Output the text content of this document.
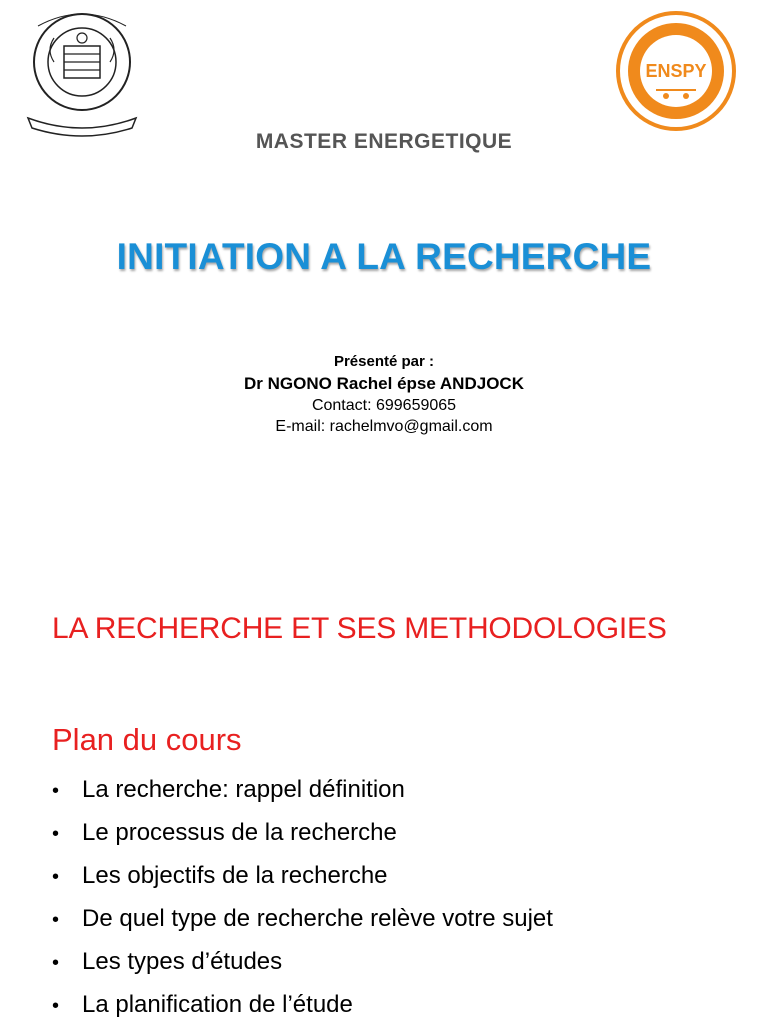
ENSPY
MASTER ENERGETIQUE
INITIATION A LA RECHERCHE
Présenté par :
Dr NGONO Rachel épse ANDJOCK
Contact: 699659065
E-mail: rachelmvo@gmail.com
LA RECHERCHE ET SES METHODOLOGIES
Plan du cours
• La recherche: rappel définition
• Le processus de la recherche
• Les objectifs de la recherche
• De quel type de recherche relève votre sujet
• Les types d’études
• La planification de l’étude
